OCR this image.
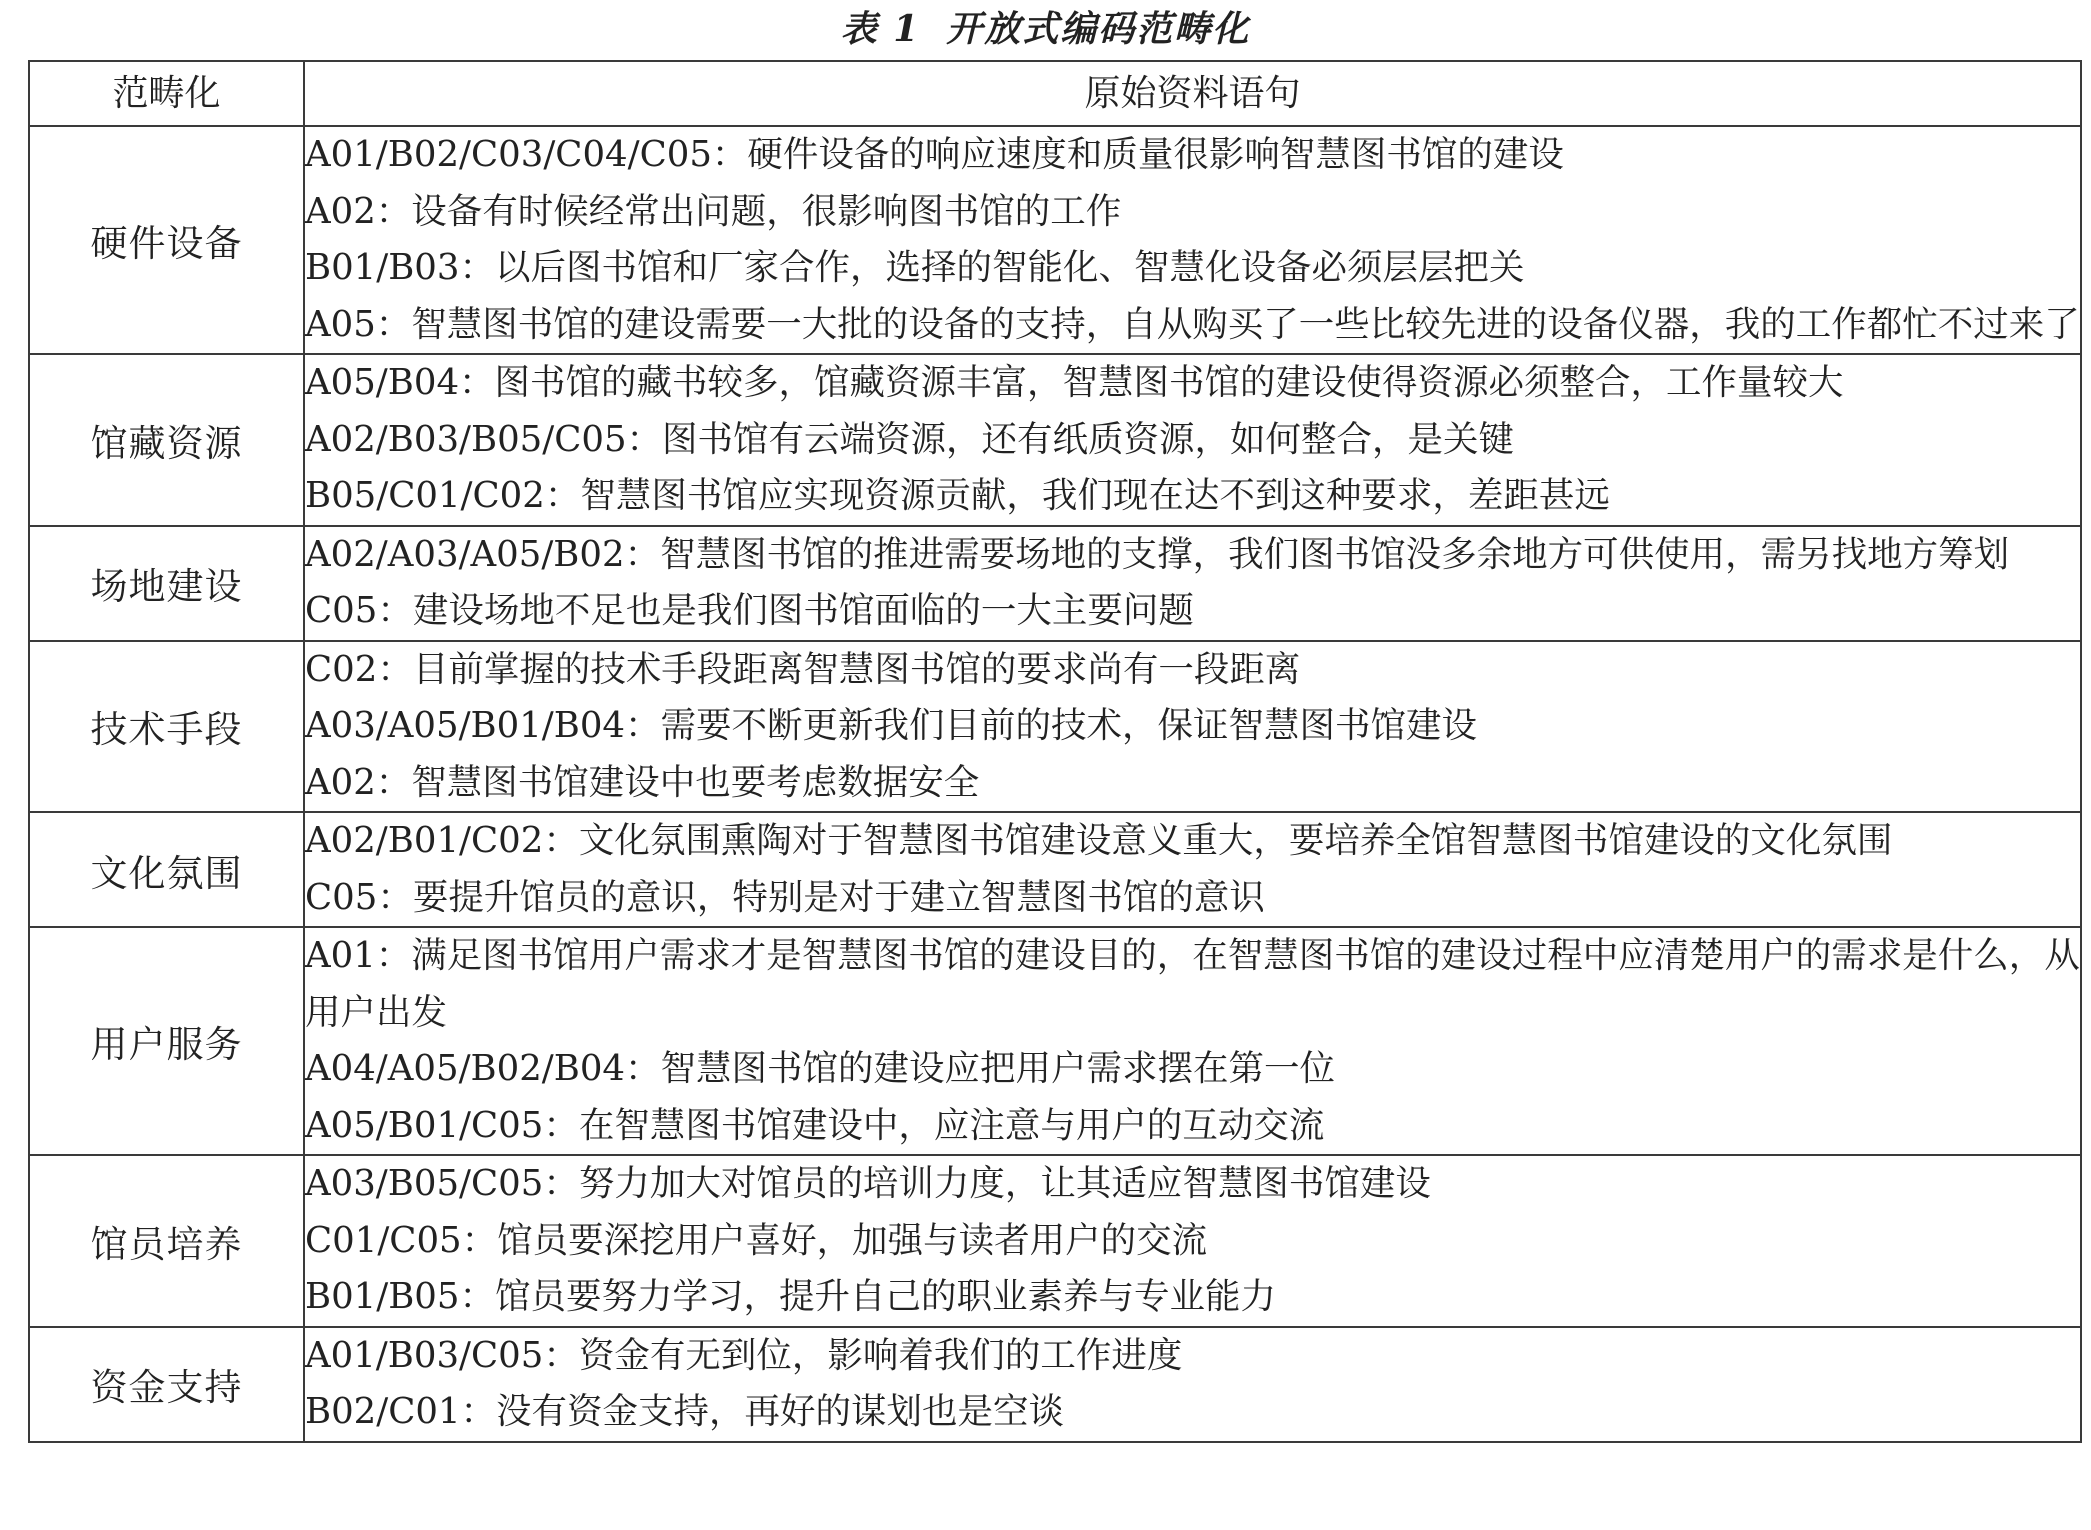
表 1 开放式编码范畴化
范畴化	原始资料语句
硬件设备	A01/B02/C03/C04/C05：硬件设备的响应速度和质量很影响智慧图书馆的建设
A02：设备有时候经常出问题，很影响图书馆的工作
B01/B03：以后图书馆和厂家合作，选择的智能化、智慧化设备必须层层把关
A05：智慧图书馆的建设需要一大批的设备的支持，自从购买了一些比较先进的设备仪器，我的工作都忙不过来了

馆藏资源	A05/B04：图书馆的藏书较多，馆藏资源丰富，智慧图书馆的建设使得资源必须整合，工作量较大
A02/B03/B05/C05：图书馆有云端资源，还有纸质资源，如何整合，是关键
B05/C01/C02：智慧图书馆应实现资源贡献，我们现在达不到这种要求，差距甚远

场地建设	A02/A03/A05/B02：智慧图书馆的推进需要场地的支撑，我们图书馆没多余地方可供使用，需另找地方筹划
C05：建设场地不足也是我们图书馆面临的一大主要问题

技术手段	C02：目前掌握的技术手段距离智慧图书馆的要求尚有一段距离
A03/A05/B01/B04：需要不断更新我们目前的技术，保证智慧图书馆建设
A02：智慧图书馆建设中也要考虑数据安全

文化氛围	A02/B01/C02：文化氛围熏陶对于智慧图书馆建设意义重大，要培养全馆智慧图书馆建设的文化氛围
C05：要提升馆员的意识，特别是对于建立智慧图书馆的意识

用户服务	A01：满足图书馆用户需求才是智慧图书馆的建设目的，在智慧图书馆的建设过程中应清楚用户的需求是什么，从用户出发
A04/A05/B02/B04：智慧图书馆的建设应把用户需求摆在第一位
A05/B01/C05：在智慧图书馆建设中，应注意与用户的互动交流

馆员培养	A03/B05/C05：努力加大对馆员的培训力度，让其适应智慧图书馆建设
C01/C05：馆员要深挖用户喜好，加强与读者用户的交流
B01/B05：馆员要努力学习，提升自己的职业素养与专业能力

资金支持	A01/B03/C05：资金有无到位，影响着我们的工作进度
B02/C01：没有资金支持，再好的谋划也是空谈
